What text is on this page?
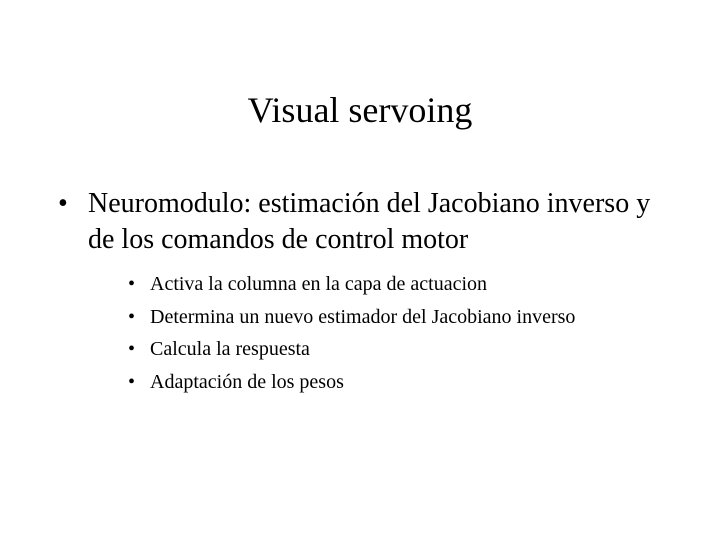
Visual servoing
• Neuromodulo: estimación del Jacobiano inverso y de los comandos de control motor
• Activa la columna en la capa de actuacion
• Determina un nuevo estimador del Jacobiano inverso
• Calcula la respuesta
• Adaptación de los pesos
